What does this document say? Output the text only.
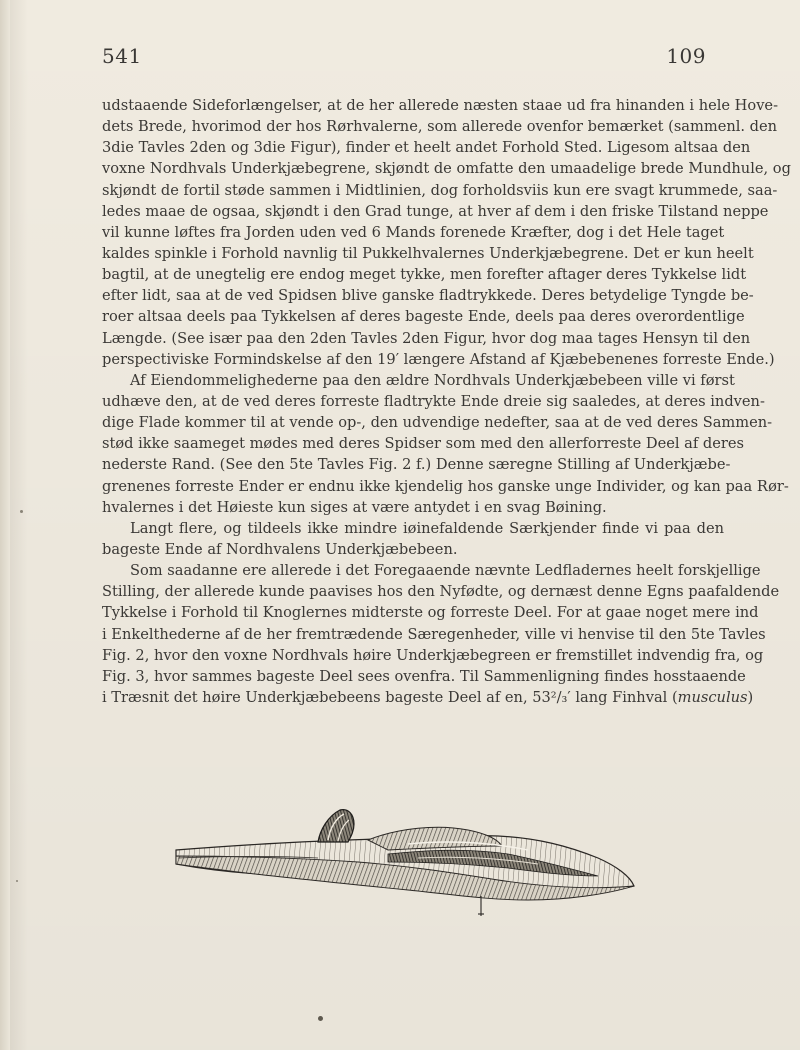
541	109
udstaaende Sideforlængelser, at de her allerede næsten staae ud fra hinanden i hele Hove-
dets Brede, hvorimod der hos Rørhvalerne, som allerede ovenfor bemærket (sammenl. den
3die Tavles 2den og 3die Figur), finder et heelt andet Forhold Sted. Ligesom altsaa den
voxne Nordhvals Underkjæbegrene, skjøndt de omfatte den umaadelige brede Mundhule, og
skjøndt de fortil støde sammen i Midtlinien, dog forholdsviis kun ere svagt krummede, saa-
ledes maae de ogsaa, skjøndt i den Grad tunge, at hver af dem i den friske Tilstand neppe
vil kunne løftes fra Jorden uden ved 6 Mands forenede Kræfter, dog i det Hele taget
kaldes spinkle i Forhold navnlig til Pukkelhvalernes Underkjæbegrene. Det er kun heelt
bagtil, at de unegtelig ere endog meget tykke, men forefter aftager deres Tykkelse lidt
efter lidt, saa at de ved Spidsen blive ganske fladtrykkede. Deres betydelige Tyngde be-
roer altsaa deels paa Tykkelsen af deres bageste Ende, deels paa deres overordentlige
Længde. (See især paa den 2den Tavles 2den Figur, hvor dog maa tages Hensyn til den
perspectiviske Formindskelse af den 19′ længere Afstand af Kjæbebenenes forreste Ende.)
Af Eiendommelighederne paa den ældre Nordhvals Underkjæbebeen ville vi først
udhæve den, at de ved deres forreste fladtrykte Ende dreie sig saaledes, at deres indven-
dige Flade kommer til at vende op-, den udvendige nedefter, saa at de ved deres Sammen-
stød ikke saameget mødes med deres Spidser som med den allerforreste Deel af deres
nederste Rand. (See den 5te Tavles Fig. 2 f.) Denne særegne Stilling af Underkjæbe-
grenenes forreste Ender er endnu ikke kjendelig hos ganske unge Individer, og kan paa Rør-
hvalernes i det Høieste kun siges at være antydet i en svag Bøining.
Langt flere, og tildeels ikke mindre iøinefaldende Særkjender finde vi paa den
bageste Ende af Nordhvalens Underkjæbebeen.
Som saadanne ere allerede i det Foregaaende nævnte Ledfladernes heelt forskjellige
Stilling, der allerede kunde paavises hos den Nyfødte, og dernæst denne Egns paafaldende
Tykkelse i Forhold til Knoglernes midterste og forreste Deel. For at gaae noget mere ind
i Enkelthederne af de her fremtrædende Særegenheder, ville vi henvise til den 5te Tavles
Fig. 2, hvor den voxne Nordhvals høire Underkjæbegreen er fremstillet indvendig fra, og
Fig. 3, hvor sammes bageste Deel sees ovenfra. Til Sammenligning findes hosstaaende
i Træsnit det høire Underkjæbebeens bageste Deel af en, 53²/₃′ lang Finhval (musculus)
